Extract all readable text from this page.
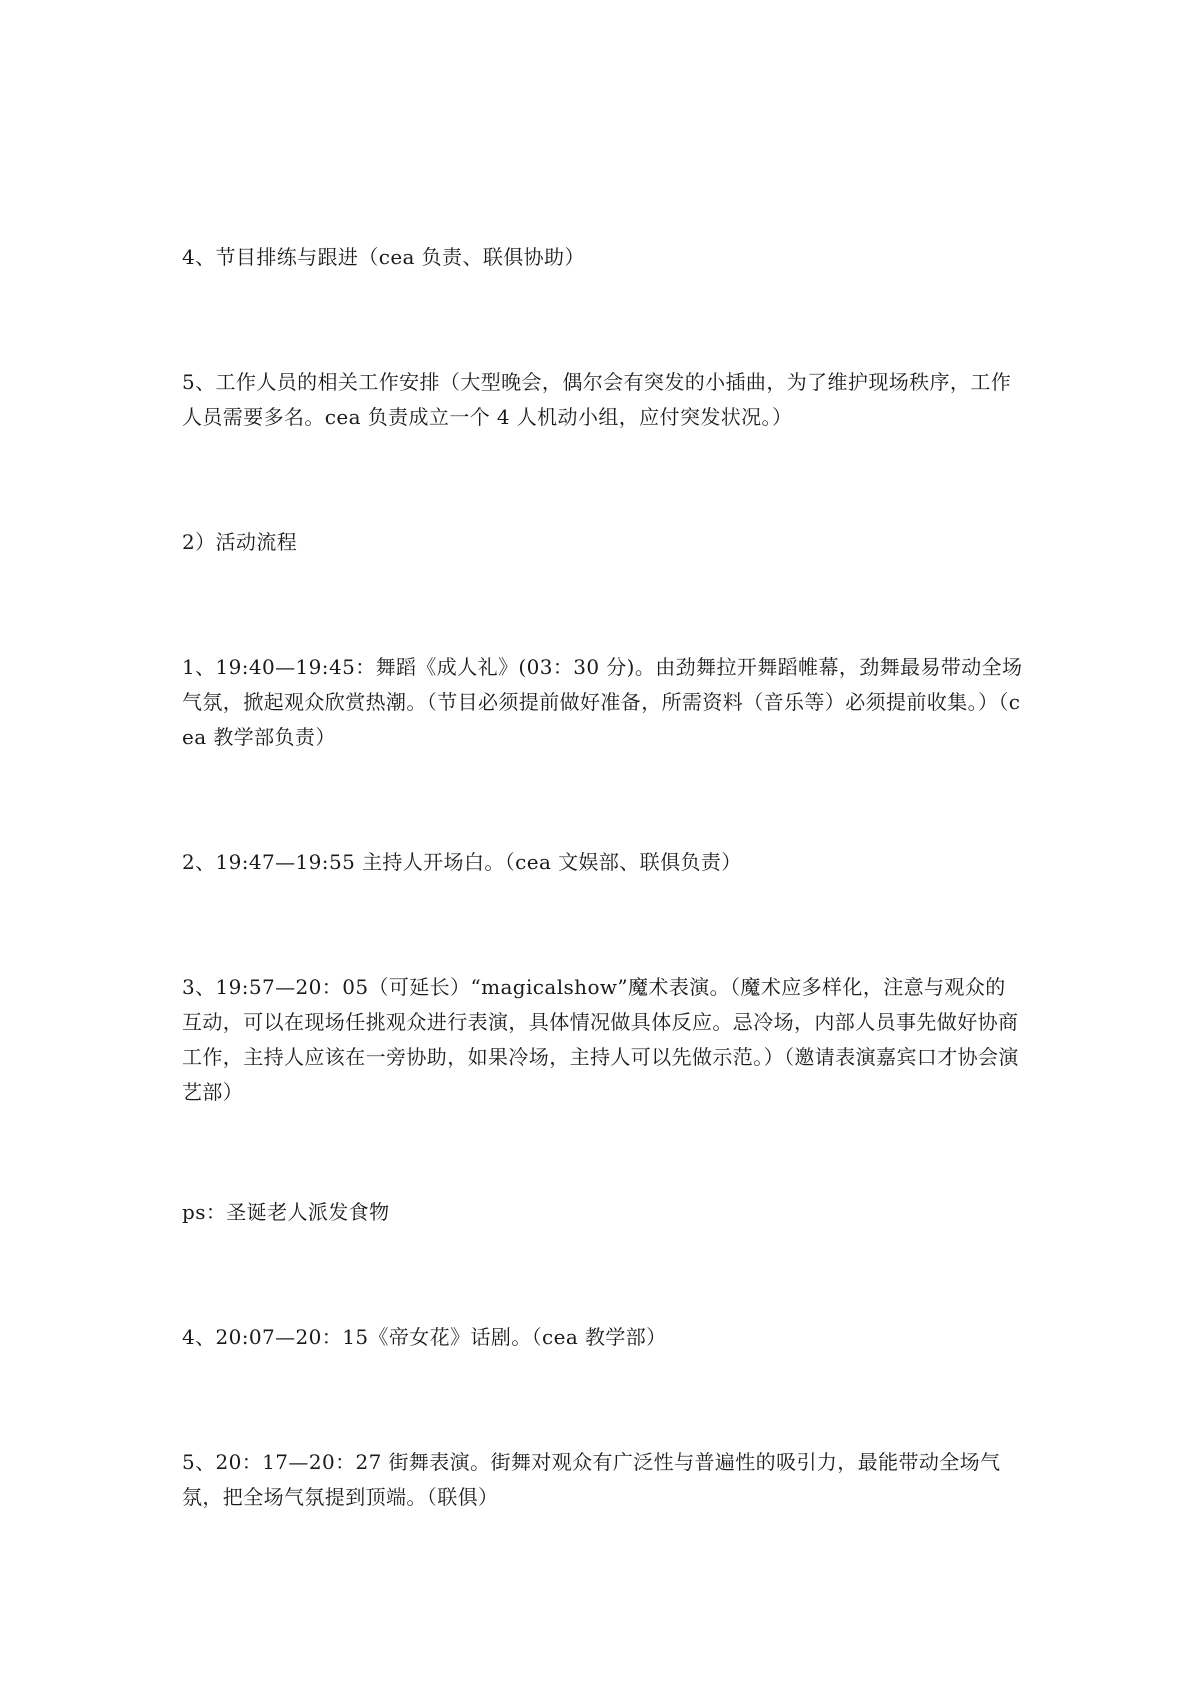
4、节目排练与跟进（cea 负责、联俱协助）

5、工作人员的相关工作安排（大型晚会，偶尔会有突发的小插曲，为了维护现场秩序，工作人员需要多名。cea 负责成立一个 4 人机动小组，应付突发状况。）

2）活动流程

1、19:40—19:45：舞蹈《成人礼》(03：30 分)。由劲舞拉开舞蹈帷幕，劲舞最易带动全场气氛，掀起观众欣赏热潮。（节目必须提前做好准备，所需资料（音乐等）必须提前收集。）（cea 教学部负责）

2、19:47—19:55 主持人开场白。（cea 文娱部、联俱负责）

3、19:57—20：05（可延长）“magicalshow”魔术表演。（魔术应多样化，注意与观众的互动，可以在现场任挑观众进行表演，具体情况做具体反应。忌冷场，内部人员事先做好协商工作，主持人应该在一旁协助，如果冷场，主持人可以先做示范。）（邀请表演嘉宾口才协会演艺部）

ps：圣诞老人派发食物

4、20:07—20：15《帝女花》话剧。（cea 教学部）

5、20：17—20：27 街舞表演。街舞对观众有广泛性与普遍性的吸引力，最能带动全场气氛，把全场气氛提到顶端。（联俱）
